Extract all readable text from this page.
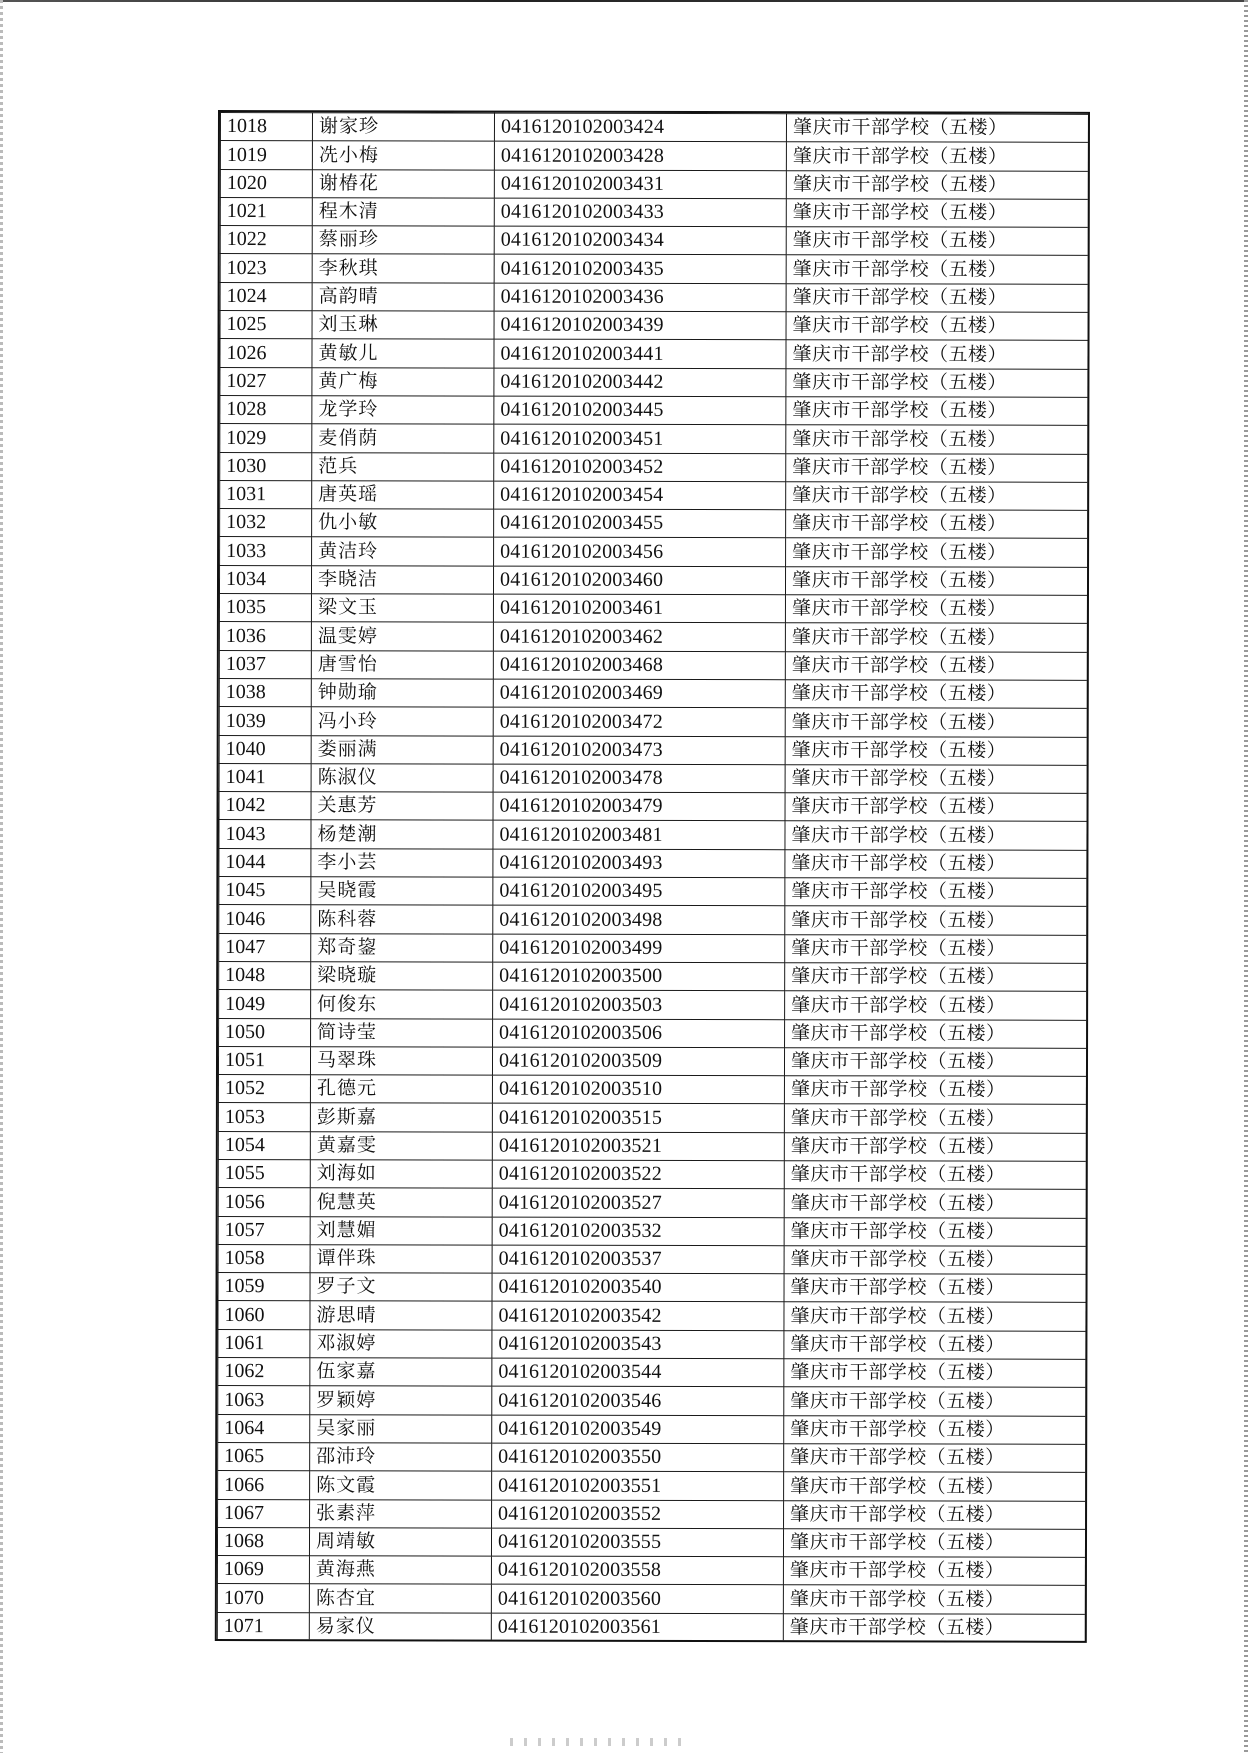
1018	谢家珍	0416120102003424	肇庆市干部学校（五楼）
1019	冼小梅	0416120102003428	肇庆市干部学校（五楼）
1020	谢椿花	0416120102003431	肇庆市干部学校（五楼）
1021	程木清	0416120102003433	肇庆市干部学校（五楼）
1022	蔡丽珍	0416120102003434	肇庆市干部学校（五楼）
1023	李秋琪	0416120102003435	肇庆市干部学校（五楼）
1024	高韵晴	0416120102003436	肇庆市干部学校（五楼）
1025	刘玉琳	0416120102003439	肇庆市干部学校（五楼）
1026	黄敏儿	0416120102003441	肇庆市干部学校（五楼）
1027	黄广梅	0416120102003442	肇庆市干部学校（五楼）
1028	龙学玲	0416120102003445	肇庆市干部学校（五楼）
1029	麦俏荫	0416120102003451	肇庆市干部学校（五楼）
1030	范兵	0416120102003452	肇庆市干部学校（五楼）
1031	唐英瑶	0416120102003454	肇庆市干部学校（五楼）
1032	仇小敏	0416120102003455	肇庆市干部学校（五楼）
1033	黄洁玲	0416120102003456	肇庆市干部学校（五楼）
1034	李晓洁	0416120102003460	肇庆市干部学校（五楼）
1035	梁文玉	0416120102003461	肇庆市干部学校（五楼）
1036	温雯婷	0416120102003462	肇庆市干部学校（五楼）
1037	唐雪怡	0416120102003468	肇庆市干部学校（五楼）
1038	钟勋瑜	0416120102003469	肇庆市干部学校（五楼）
1039	冯小玲	0416120102003472	肇庆市干部学校（五楼）
1040	娄丽满	0416120102003473	肇庆市干部学校（五楼）
1041	陈淑仪	0416120102003478	肇庆市干部学校（五楼）
1042	关惠芳	0416120102003479	肇庆市干部学校（五楼）
1043	杨楚潮	0416120102003481	肇庆市干部学校（五楼）
1044	李小芸	0416120102003493	肇庆市干部学校（五楼）
1045	吴晓霞	0416120102003495	肇庆市干部学校（五楼）
1046	陈科蓉	0416120102003498	肇庆市干部学校（五楼）
1047	郑奇鋆	0416120102003499	肇庆市干部学校（五楼）
1048	梁晓璇	0416120102003500	肇庆市干部学校（五楼）
1049	何俊东	0416120102003503	肇庆市干部学校（五楼）
1050	简诗莹	0416120102003506	肇庆市干部学校（五楼）
1051	马翠珠	0416120102003509	肇庆市干部学校（五楼）
1052	孔德元	0416120102003510	肇庆市干部学校（五楼）
1053	彭斯嘉	0416120102003515	肇庆市干部学校（五楼）
1054	黄嘉雯	0416120102003521	肇庆市干部学校（五楼）
1055	刘海如	0416120102003522	肇庆市干部学校（五楼）
1056	倪慧英	0416120102003527	肇庆市干部学校（五楼）
1057	刘慧媚	0416120102003532	肇庆市干部学校（五楼）
1058	谭伴珠	0416120102003537	肇庆市干部学校（五楼）
1059	罗子文	0416120102003540	肇庆市干部学校（五楼）
1060	游思晴	0416120102003542	肇庆市干部学校（五楼）
1061	邓淑婷	0416120102003543	肇庆市干部学校（五楼）
1062	伍家嘉	0416120102003544	肇庆市干部学校（五楼）
1063	罗颖婷	0416120102003546	肇庆市干部学校（五楼）
1064	吴家丽	0416120102003549	肇庆市干部学校（五楼）
1065	邵沛玲	0416120102003550	肇庆市干部学校（五楼）
1066	陈文霞	0416120102003551	肇庆市干部学校（五楼）
1067	张素萍	0416120102003552	肇庆市干部学校（五楼）
1068	周靖敏	0416120102003555	肇庆市干部学校（五楼）
1069	黄海燕	0416120102003558	肇庆市干部学校（五楼）
1070	陈杏宜	0416120102003560	肇庆市干部学校（五楼）
1071	易家仪	0416120102003561	肇庆市干部学校（五楼）
